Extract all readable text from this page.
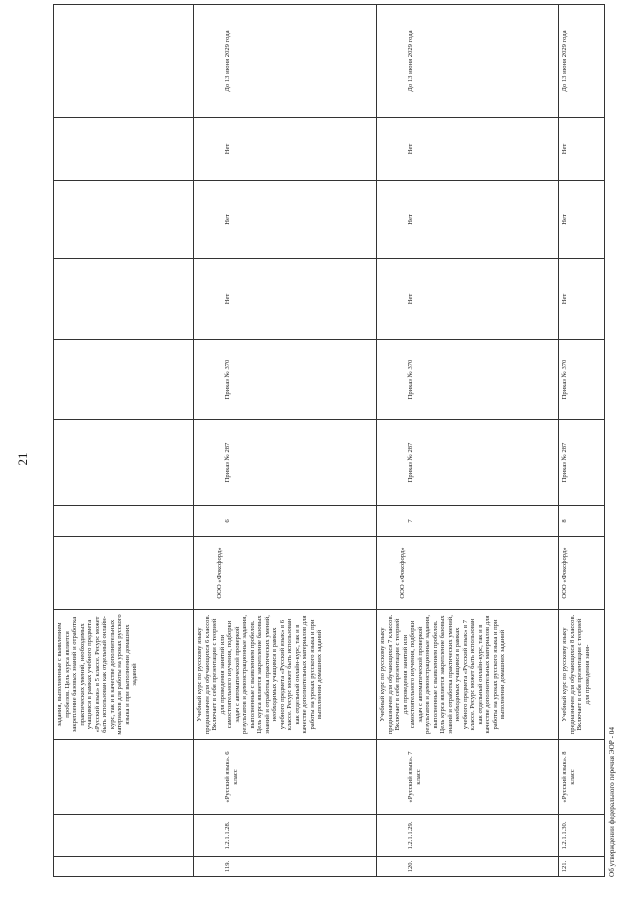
21
			задания, выполненные с выявлением пробелов. Цель курса является закрепление базовых знаний и отработка практических умений, необходимых учащимся в рамках учебного предмета «Русский язык» в 5 классе. Ресурс может быть использован как отдельный онлайн-курс, так и в качестве дополнительных материалов для работы на уроках русского языка и при выполнении домашних заданий								
119.	1.2.1.1.28.	«Русский язык». 6 класс	Учебный курс по русскому языку предназначен для обучающихся 6 классов. Включает в себя презентации с теорией для проведения занятий или самостоятельного изучения, подборки задач с автоматической проверкой результатов и демонстрационные задания, выполненные с выявлением пробелов. Цель курса является закрепление базовых знаний и отработка практических умений, необходимых учащимся в рамках учебного предмета «Русский язык» в 6 классе. Ресурс может быть использован как отдельный онлайн-курс, так и в качестве дополнительных материалов для работы на уроках русского языка и при выполнении домашних заданий	ООО «Фоксфорд»	6	Приказ № 287	Приказ № 370	Нет	Нет	Нет	До 13 июня 2029 года
120.	1.2.1.1.29.	«Русский язык». 7 класс	Учебный курс по русскому языку предназначен для обучающихся 7 классов. Включает в себя презентации с теорией для проведения занятий или самостоятельного изучения, подборки задач с автоматической проверкой результатов и демонстрационные задания, выполненные с выявлением пробелов. Цель курса является закрепление базовых знаний и отработка практических умений, необходимых учащимся в рамках учебного предмета «Русский язык» в 7 классе. Ресурс может быть использован как отдельный онлайн-курс, так и в качестве дополнительных материалов для работы на уроках русского языка и при выполнении домашних заданий	ООО «Фоксфорд»	7	Приказ № 287	Приказ № 370	Нет	Нет	Нет	До 13 июня 2029 года
121.	1.2.1.1.30.	«Русский язык». 8 класс	Учебный курс по русскому языку предназначен для обучающихся 8 классов. Включает в себя презентации с теорией для проведения заня-	ООО «Фоксфорд»	8	Приказ № 287	Приказ № 370	Нет	Нет	Нет	До 13 июня 2029 года
Об утверждении федерального перечня ЭОР - 04
